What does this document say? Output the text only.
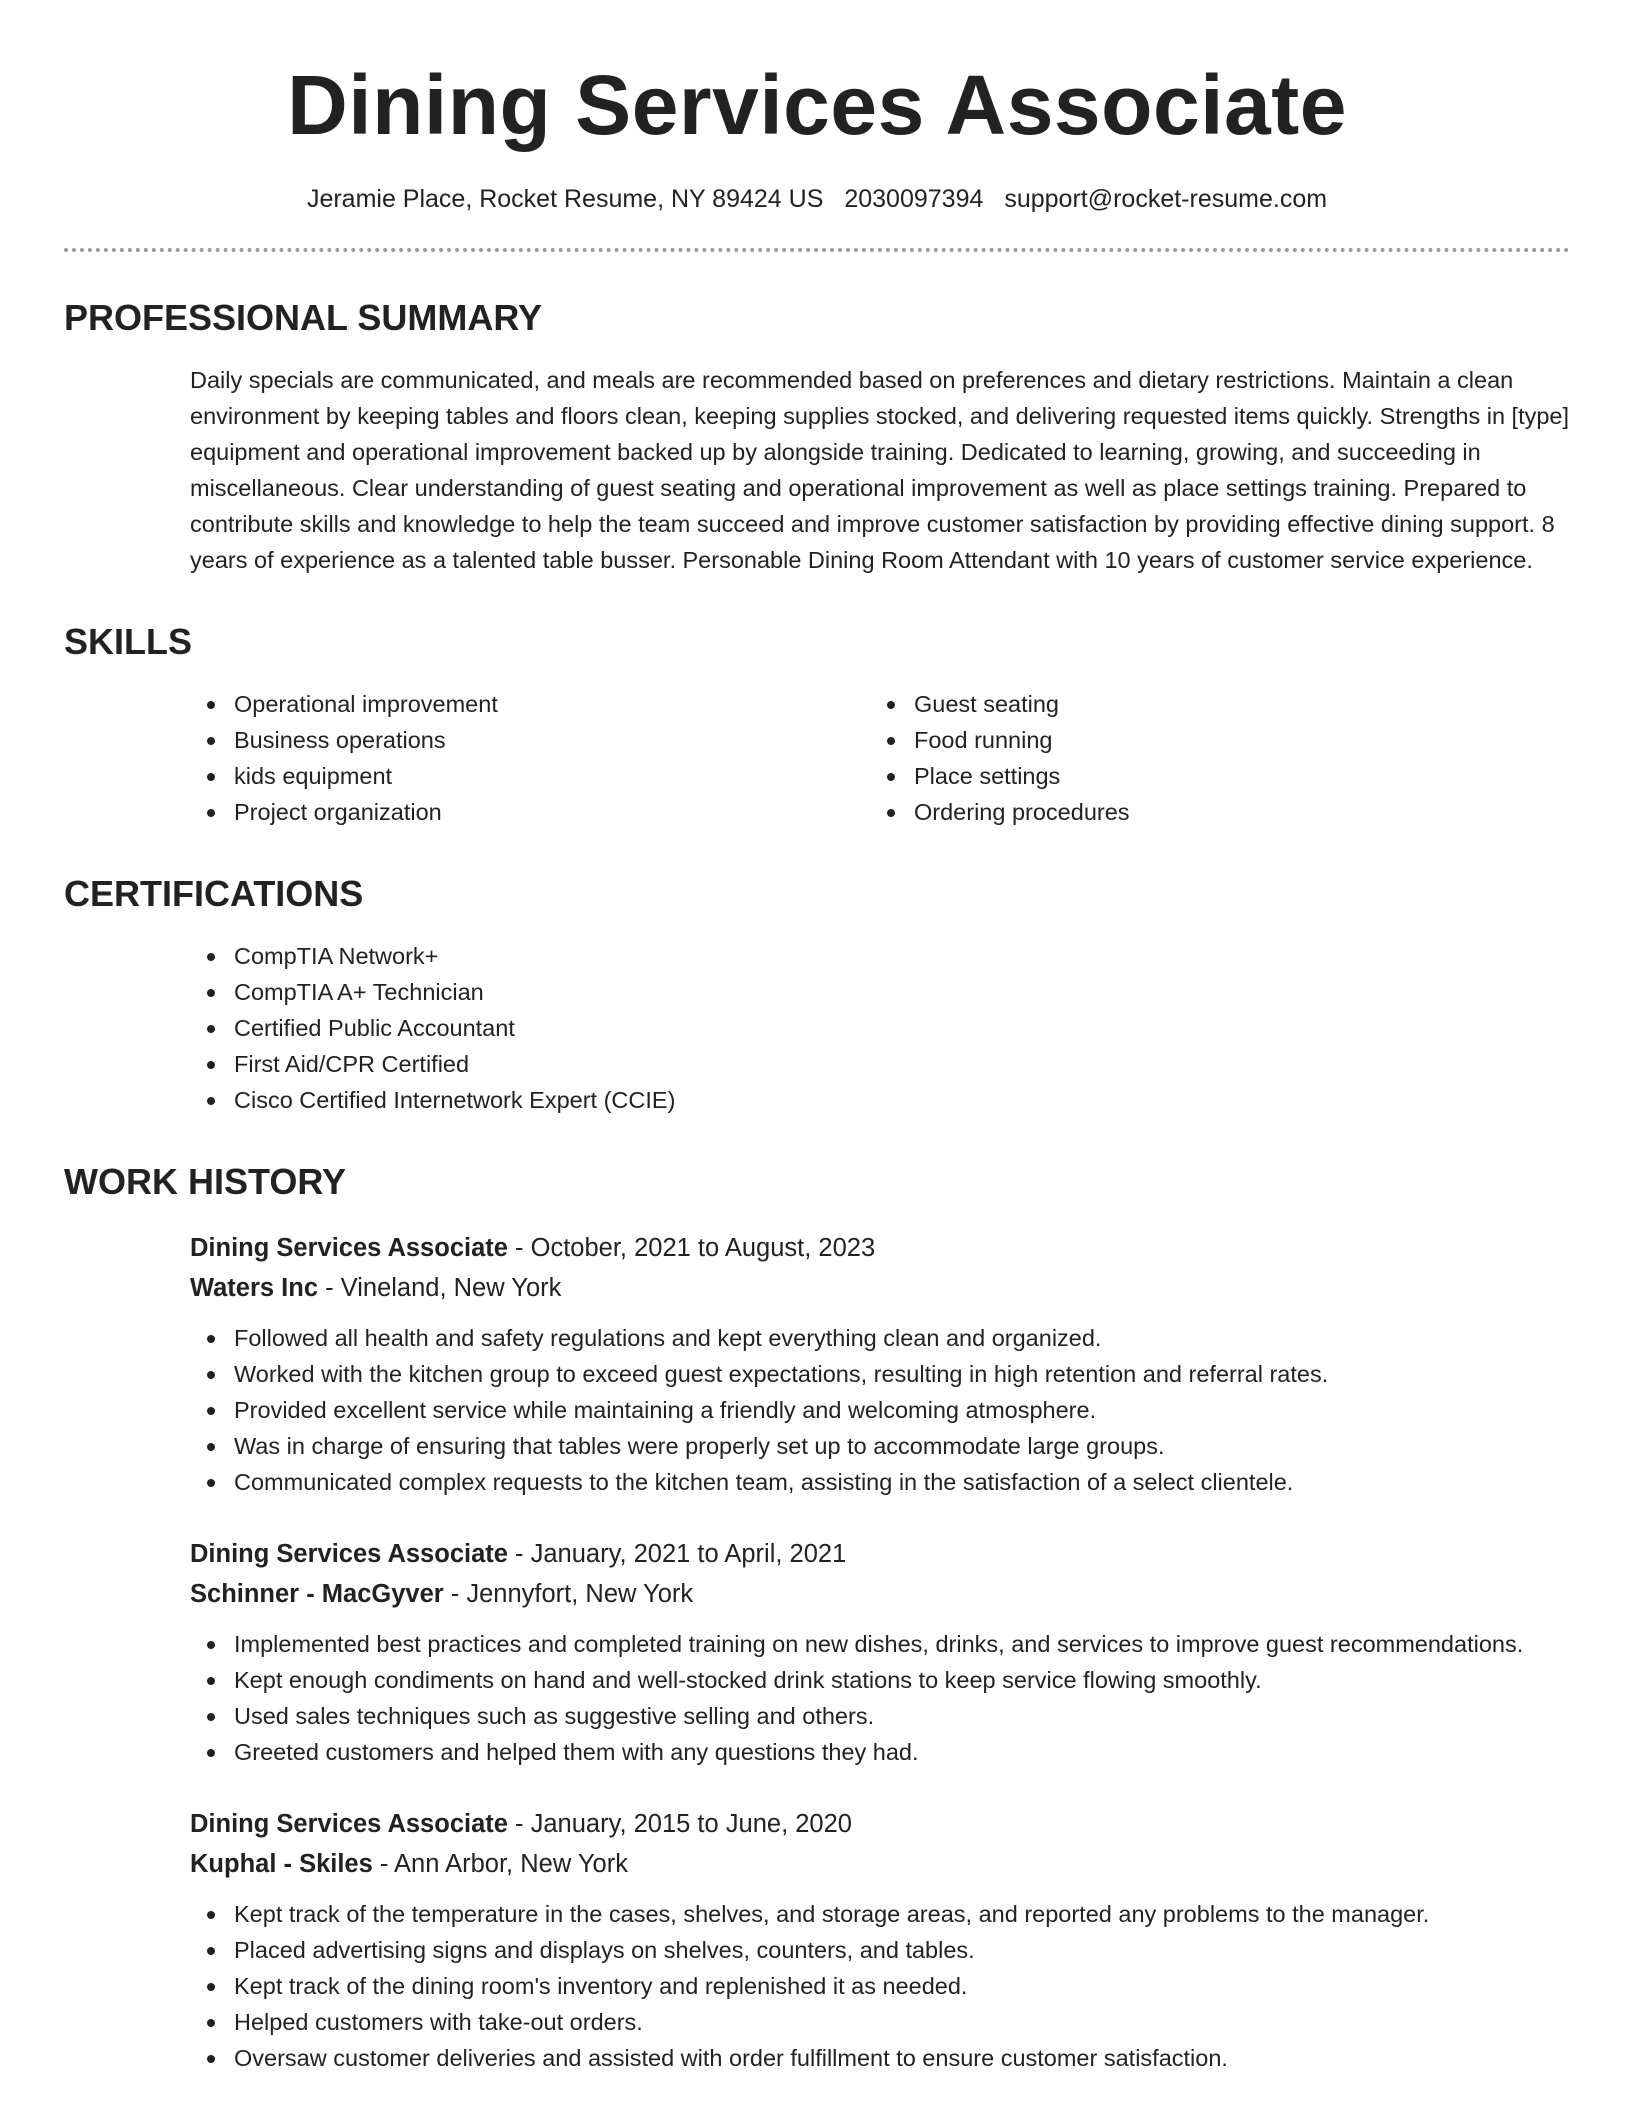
Dining Services Associate
Jeramie Place, Rocket Resume, NY 89424 US 2030097394 support@rocket-resume.com
PROFESSIONAL SUMMARY
Daily specials are communicated, and meals are recommended based on preferences and dietary restrictions. Maintain a clean environment by keeping tables and floors clean, keeping supplies stocked, and delivering requested items quickly. Strengths in [type] equipment and operational improvement backed up by alongside training. Dedicated to learning, growing, and succeeding in miscellaneous. Clear understanding of guest seating and operational improvement as well as place settings training. Prepared to contribute skills and knowledge to help the team succeed and improve customer satisfaction by providing effective dining support. 8 years of experience as a talented table busser. Personable Dining Room Attendant with 10 years of customer service experience.
SKILLS
Operational improvement
Business operations
kids equipment
Project organization
Guest seating
Food running
Place settings
Ordering procedures
CERTIFICATIONS
CompTIA Network+
CompTIA A+ Technician
Certified Public Accountant
First Aid/CPR Certified
Cisco Certified Internetwork Expert (CCIE)
WORK HISTORY
Dining Services Associate - October, 2021 to August, 2023
Waters Inc - Vineland, New York
Followed all health and safety regulations and kept everything clean and organized.
Worked with the kitchen group to exceed guest expectations, resulting in high retention and referral rates.
Provided excellent service while maintaining a friendly and welcoming atmosphere.
Was in charge of ensuring that tables were properly set up to accommodate large groups.
Communicated complex requests to the kitchen team, assisting in the satisfaction of a select clientele.
Dining Services Associate - January, 2021 to April, 2021
Schinner - MacGyver - Jennyfort, New York
Implemented best practices and completed training on new dishes, drinks, and services to improve guest recommendations.
Kept enough condiments on hand and well-stocked drink stations to keep service flowing smoothly.
Used sales techniques such as suggestive selling and others.
Greeted customers and helped them with any questions they had.
Dining Services Associate - January, 2015 to June, 2020
Kuphal - Skiles - Ann Arbor, New York
Kept track of the temperature in the cases, shelves, and storage areas, and reported any problems to the manager.
Placed advertising signs and displays on shelves, counters, and tables.
Kept track of the dining room's inventory and replenished it as needed.
Helped customers with take-out orders.
Oversaw customer deliveries and assisted with order fulfillment to ensure customer satisfaction.
